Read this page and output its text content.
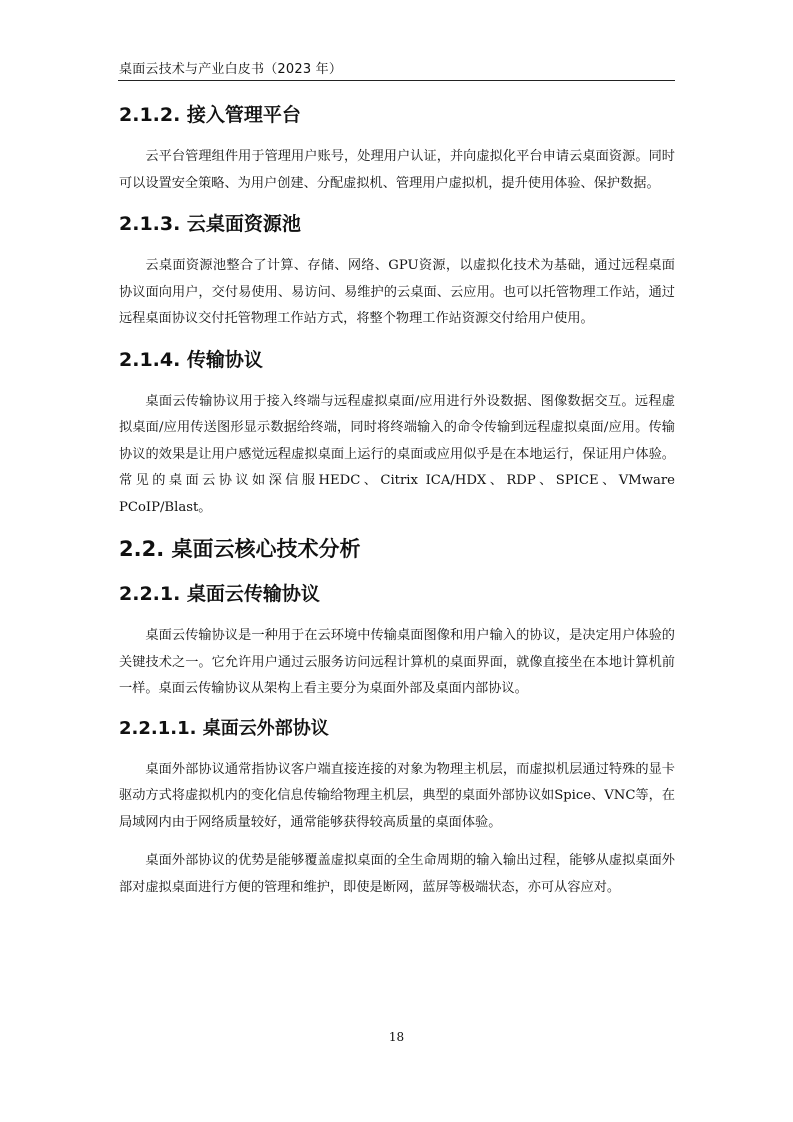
桌面云技术与产业白皮书（2023 年）
2.1.2. 接入管理平台

云平台管理组件用于管理用户账号，处理用户认证，并向虚拟化平台申请云桌面资源。同时可以设置安全策略、为用户创建、分配虚拟机、管理用户虚拟机，提升使用体验、保护数据。

2.1.3. 云桌面资源池

云桌面资源池整合了计算、存储、网络、GPU资源，以虚拟化技术为基础，通过远程桌面协议面向用户，交付易使用、易访问、易维护的云桌面、云应用。也可以托管物理工作站，通过远程桌面协议交付托管物理工作站方式，将整个物理工作站资源交付给用户使用。

2.1.4. 传输协议

桌面云传输协议用于接入终端与远程虚拟桌面/应用进行外设数据、图像数据交互。远程虚拟桌面/应用传送图形显示数据给终端，同时将终端输入的命令传输到远程虚拟桌面/应用。传输协议的效果是让用户感觉远程虚拟桌面上运行的桌面或应用似乎是在本地运行，保证用户体验。常见的桌面云协议如深信服HEDC、Citrix ICA/HDX、RDP、SPICE、VMware PCoIP/Blast。

2.2. 桌面云核心技术分析
2.2.1. 桌面云传输协议

桌面云传输协议是一种用于在云环境中传输桌面图像和用户输入的协议，是决定用户体验的关键技术之一。它允许用户通过云服务访问远程计算机的桌面界面，就像直接坐在本地计算机前一样。桌面云传输协议从架构上看主要分为桌面外部及桌面内部协议。

2.2.1.1. 桌面云外部协议

桌面外部协议通常指协议客户端直接连接的对象为物理主机层，而虚拟机层通过特殊的显卡驱动方式将虚拟机内的变化信息传输给物理主机层，典型的桌面外部协议如Spice、VNC等，在局域网内由于网络质量较好，通常能够获得较高质量的桌面体验。

桌面外部协议的优势是能够覆盖虚拟桌面的全生命周期的输入输出过程，能够从虚拟桌面外部对虚拟桌面进行方便的管理和维护，即使是断网，蓝屏等极端状态，亦可从容应对。

18
